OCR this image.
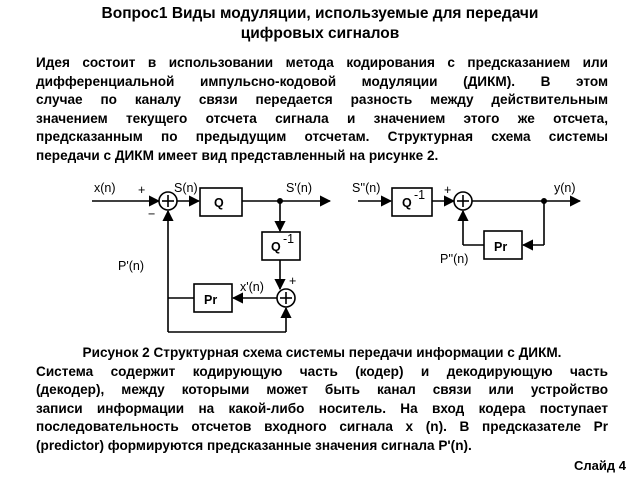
Вопрос1 Виды модуляции, используемые для передачи
цифровых сигналов
Идея состоит в использовании метода кодирования с предсказанием или
дифференциальной импульсно-кодовой модуляции (ДИКМ). В этом
случае по каналу связи передается разность между действительным
значением текущего отсчета сигнала и значением этого же отсчета,
предсказанным по предыдущим отсчетам. Структурная схема системы
передачи с ДИКМ имеет вид представленный на рисунке 2.
x(n) +
−
S(n)
Q
S'(n)
Q
-1
Pr
x'(n)
P'(n)
+
S''(n)
Q
-1 +	y(n)
Pr
P''(n)
Рисунок 2 Структурная схема системы передачи информации с ДИКМ.
Система содержит кодирующую часть (кодер) и декодирующую часть
(декодер), между которыми может быть канал связи или устройство
записи информации на какой-либо носитель. На вход кодера поступает
последовательность отсчетов входного сигнала x (n). В предсказателе Pr
(predictor) формируются предсказанные значения сигнала P'(n).
Слайд 4
